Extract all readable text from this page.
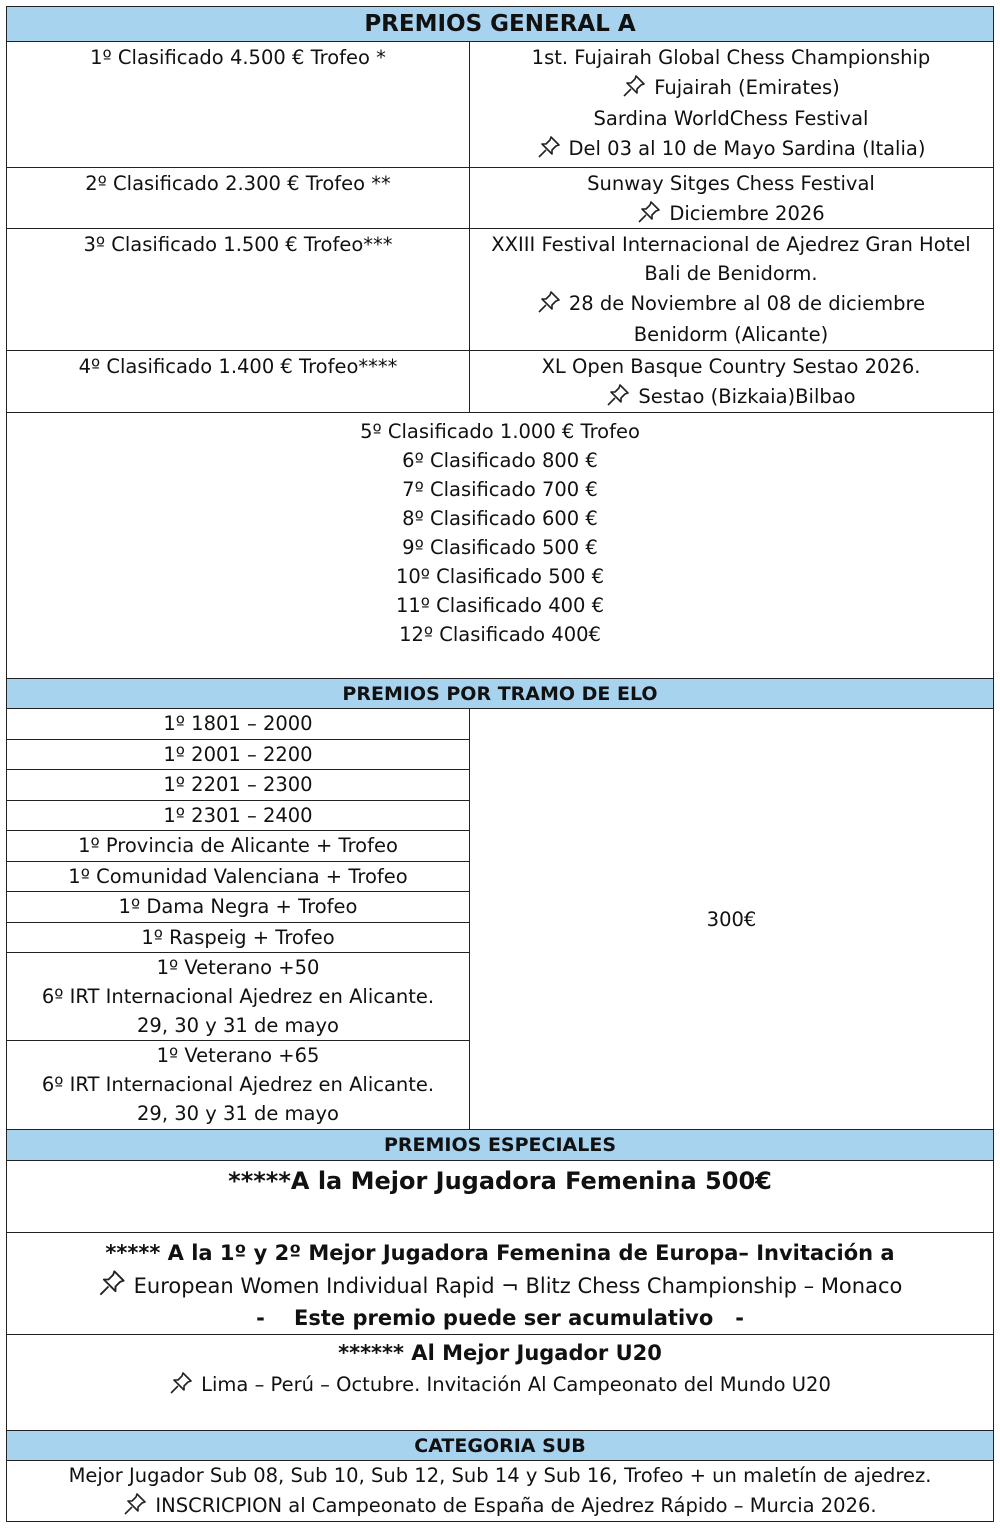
PREMIOS GENERAL A
1º Clasificado 4.500 € Trofeo *	1st. Fujairah Global Chess Championship
Fujairah (Emirates)
Sardina WorldChess Festival
Del 03 al 10 de Mayo Sardina (Italia)
2º Clasificado 2.300 € Trofeo **	Sunway Sitges Chess Festival
Diciembre 2026
3º Clasificado 1.500 € Trofeo***	XXIII Festival Internacional de Ajedrez Gran Hotel
Bali de Benidorm.
28 de Noviembre al 08 de diciembre
Benidorm (Alicante)
4º Clasificado 1.400 € Trofeo****	XL Open Basque Country Sestao 2026.
Sestao (Bizkaia)Bilbao
5º Clasificado 1.000 € Trofeo
6º Clasificado 800 €
7º Clasificado 700 €
8º Clasificado 600 €
9º Clasificado 500 €
10º Clasificado 500 €
11º Clasificado 400 €
12º Clasificado 400€
PREMIOS POR TRAMO DE ELO
1º 1801 – 2000
1º 2001 – 2200
1º 2201 – 2300
1º 2301 – 2400
1º Provincia de Alicante + Trofeo
1º Comunidad Valenciana + Trofeo
1º Dama Negra + Trofeo
1º Raspeig + Trofeo
1º Veterano +50
6º IRT Internacional Ajedrez en Alicante.
29, 30 y 31 de mayo
1º Veterano +65
6º IRT Internacional Ajedrez en Alicante.
29, 30 y 31 de mayo
300€
PREMIOS ESPECIALES
*****A la Mejor Jugadora Femenina 500€
***** A la 1º y 2º Mejor Jugadora Femenina de Europa– Invitación a
European Women Individual Rapid ¬ Blitz Chess Championship – Monaco
-    Este premio puede ser acumulativo   -
****** Al Mejor Jugador U20
Lima – Perú – Octubre. Invitación Al Campeonato del Mundo U20
CATEGORIA SUB
Mejor Jugador Sub 08, Sub 10, Sub 12, Sub 14 y Sub 16, Trofeo + un maletín de ajedrez.
INSCRICPION al Campeonato de España de Ajedrez Rápido – Murcia 2026.
